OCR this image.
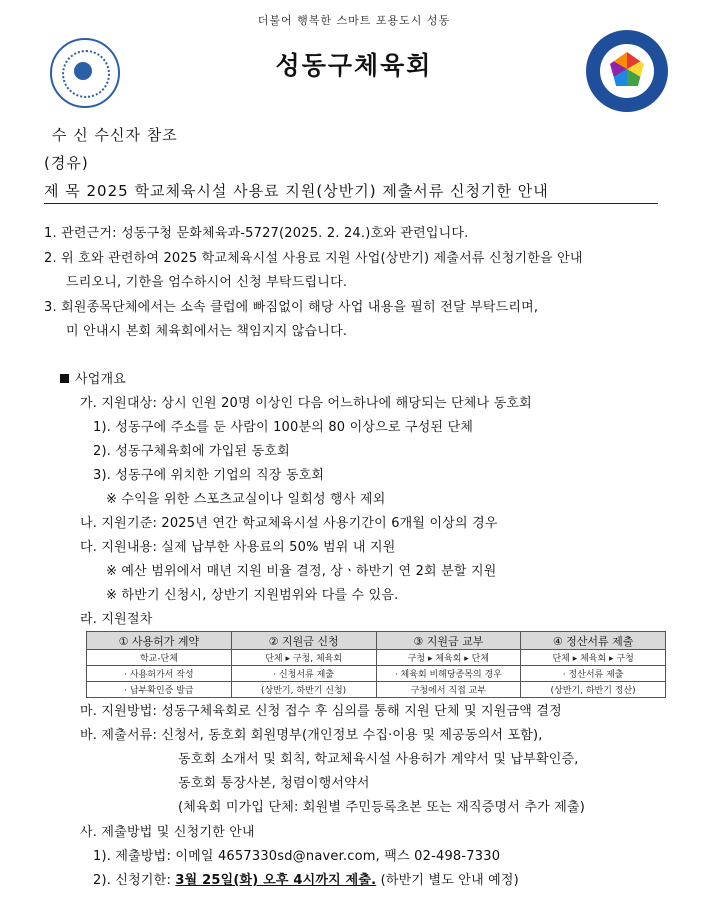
더불어 행복한 스마트 포용도시 성동
성동구체육회
수 신 수신자 참조
(경유)
제 목 2025 학교체육시설 사용료 지원(상반기) 제출서류 신청기한 안내
1. 관련근거: 성동구청 문화체육과-5727(2025. 2. 24.)호와 관련입니다.
2. 위 호와 관련하여 2025 학교체육시설 사용료 지원 사업(상반기) 제출서류 신청기한을 안내
드리오니, 기한을 엄수하시어 신청 부탁드립니다.
3. 회원종목단체에서는 소속 클럽에 빠짐없이 해당 사업 내용을 필히 전달 부탁드리며,
미 안내시 본회 체육회에서는 책임지지 않습니다.
사업개요
가. 지원대상: 상시 인원 20명 이상인 다음 어느하나에 해당되는 단체나 동호회
1). 성동구에 주소를 둔 사람이 100분의 80 이상으로 구성된 단체
2). 성동구체육회에 가입된 동호회
3). 성동구에 위치한 기업의 직장 동호회
※ 수익을 위한 스포츠교실이나 일회성 행사 제외
나. 지원기준: 2025년 연간 학교체육시설 사용기간이 6개월 이상의 경우
다. 지원내용: 실제 납부한 사용료의 50% 범위 내 지원
※ 예산 범위에서 매년 지원 비율 결정, 상ㆍ하반기 연 2회 분할 지원
※ 하반기 신청시, 상반기 지원범위와 다를 수 있음.
라. 지원절차
① 사용허가 계약	② 지원금 신청	③ 지원금 교부	④ 정산서류 제출
학교-단체	단체 ▸ 구청, 체육회	구청 ▸ 체육회 ▸ 단체	단체 ▸ 체육회 ▸ 구청
· 사용허가서 작성	· 신청서류 제출	· 체육회 비해당종목의 경우	· 정산서류 제출
· 납부확인증 발급	(상반기, 하반기 신청)	구청에서 직접 교부	(상반기, 하반기 정산)
마. 지원방법: 성동구체육회로 신청 접수 후 심의를 통해 지원 단체 및 지원금액 결정
바. 제출서류: 신청서, 동호회 회원명부(개인정보 수집·이용 및 제공동의서 포함),
동호회 소개서 및 회칙, 학교체육시설 사용허가 계약서 및 납부확인증,
동호회 통장사본, 청렴이행서약서
(체육회 미가입 단체: 회원별 주민등록초본 또는 재직증명서 추가 제출)
사. 제출방법 및 신청기한 안내
1). 제출방법: 이메일 4657330sd@naver.com, 팩스 02-498-7330
2). 신청기한: 3월 25일(화) 오후 4시까지 제출. (하반기 별도 안내 예정)
